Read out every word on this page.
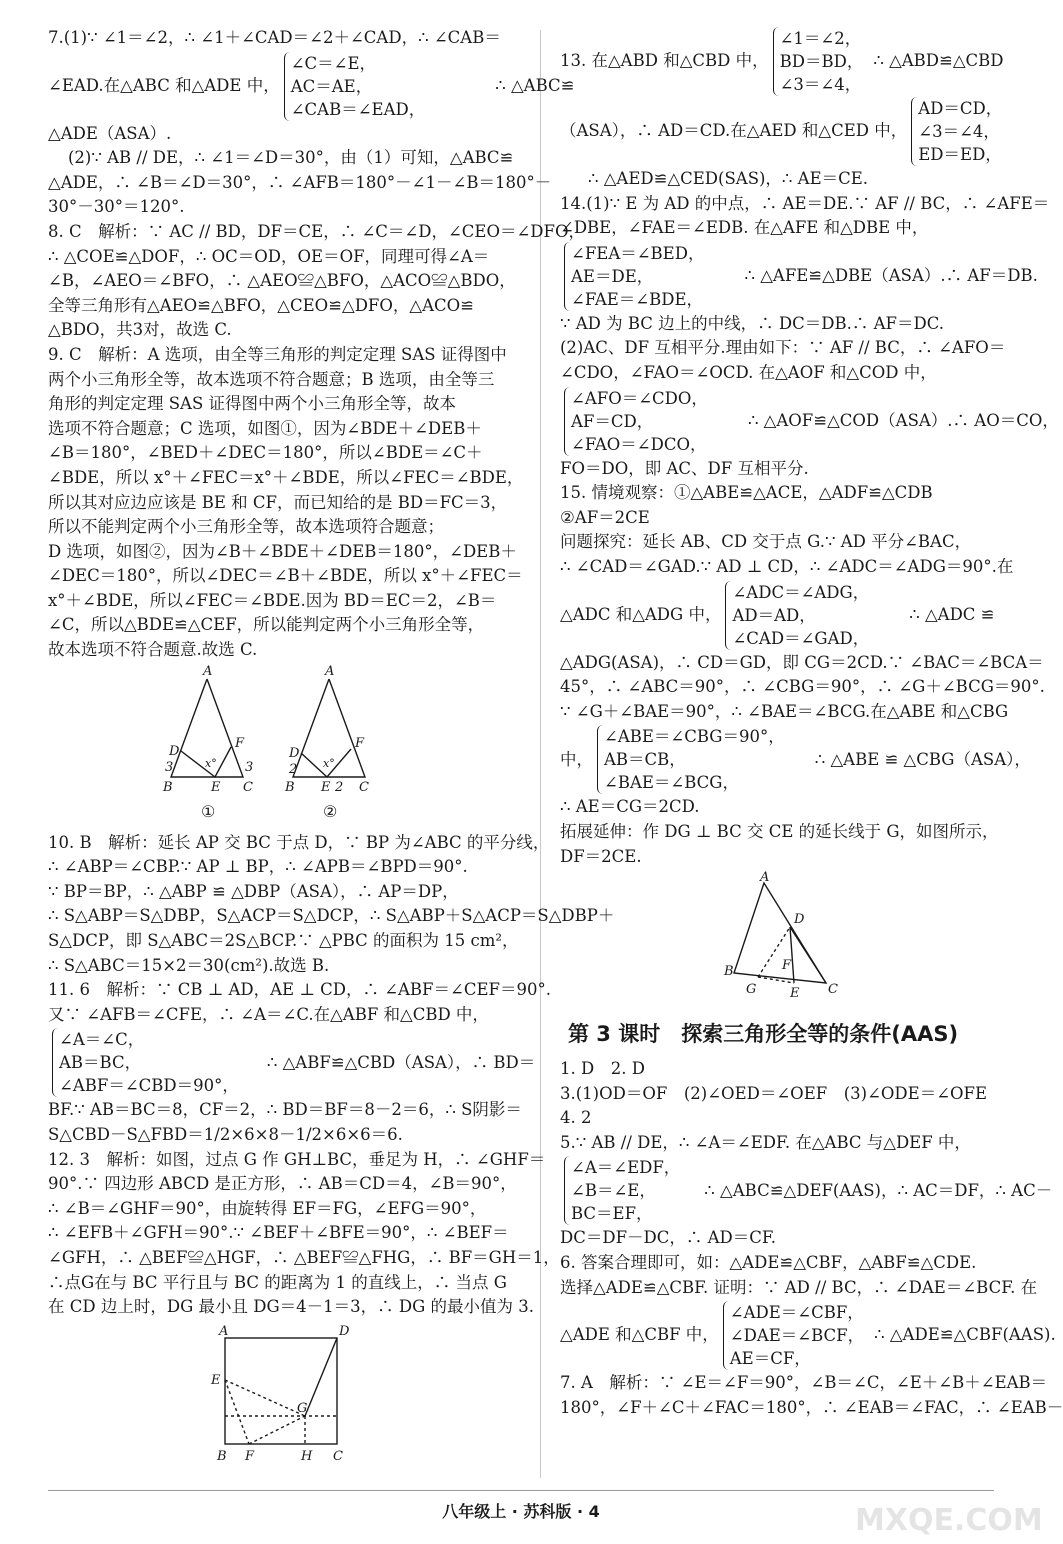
7.(1)∵ ∠1＝∠2，∴ ∠1＋∠CAD＝∠2＋∠CAD，∴ ∠CAB＝
∠EAD.在△ABC 和△ADE 中，
∠C＝∠E，
AC＝AE，
∠CAB＝∠EAD，
∴ △ABC≌
△ADE（ASA）.
(2)∵ AB // DE，∴ ∠1＝∠D＝30°，由（1）可知，△ABC≌
△ADE，∴ ∠B＝∠D＝30°，∴ ∠AFB＝180°－∠1－∠B＝180°－
30°－30°＝120°.
8. C　解析：∵ AC // BD，DF＝CE，∴ ∠C＝∠D，∠CEO＝∠DFO，
∴ △COE≌△DOF，∴ OC＝OD，OE＝OF，同理可得∠A＝
∠B，∠AEO＝∠BFO，∴ △AEO≌△BFO，△ACO≌△BDO，
全等三角形有△AEO≌△BFO，△CEO≌△DFO，△ACO≌
△BDO，共3对，故选 C.
9. C　解析：A 选项，由全等三角形的判定定理 SAS 证得图中
两个小三角形全等，故本选项不符合题意；B 选项，由全等三
角形的判定定理 SAS 证得图中两个小三角形全等，故本
选项不符合题意；C 选项，如图①，因为∠BDE＋∠DEB＋
∠B＝180°，∠BED＋∠DEC＝180°，所以∠BDE＝∠C＋
∠BDE，所以 x°＋∠FEC＝x°＋∠BDE，所以∠FEC＝∠BDE，
所以其对应边应该是 BE 和 CF，而已知给的是 BD＝FC＝3，
所以不能判定两个小三角形全等，故本选项符合题意；
D 选项，如图②，因为∠B＋∠BDE＋∠DEB＝180°，∠DEB＋
∠DEC＝180°，所以∠DEC＝∠B＋∠BDE，所以 x°＋∠FEC＝
x°＋∠BDE，所以∠FEC＝∠BDE.因为 BD＝EC＝2，∠B＝
∠C，所以△BDE≌△CEF，所以能判定两个小三角形全等，
故本选项不符合题意.故选 C.
A
D
F
B	E C
x°
3	3
①
A
D
F
B E C
x°
2
2
②
10. B　解析：延长 AP 交 BC 于点 D，∵ BP 为∠ABC 的平分线，
∴ ∠ABP＝∠CBP.∵ AP ⊥ BP，∴ ∠APB＝∠BPD＝90°.
∵ BP＝BP，∴ △ABP ≌ △DBP（ASA），∴ AP＝DP，
∴ S△ABP＝S△DBP，S△ACP＝S△DCP，∴ S△ABP＋S△ACP＝S△DBP＋
S△DCP，即 S△ABC＝2S△BCP.∵ △PBC 的面积为 15 cm²，
∴ S△ABC＝15×2＝30(cm²).故选 B.
11. 6　解析：∵ CB ⊥ AD，AE ⊥ CD，∴ ∠ABF＝∠CEF＝90°.
又∵ ∠AFB＝∠CFE，∴ ∠A＝∠C.在△ABF 和△CBD 中，
∠A＝∠C，
AB＝BC，
∠ABF＝∠CBD＝90°，
∴ △ABF≌△CBD（ASA），∴ BD＝
BF.∵ AB＝BC＝8，CF＝2，∴ BD＝BF＝8－2＝6，∴ S阴影＝
S△CBD－S△FBD＝1/2×6×8－1/2×6×6＝6.
12. 3　解析：如图，过点 G 作 GH⊥BC，垂足为 H，∴ ∠GHF＝
90°.∵ 四边形 ABCD 是正方形，∴ AB＝CD＝4，∠B＝90°，
∴ ∠B＝∠GHF＝90°，由旋转得 EF＝FG，∠EFG＝90°，
∴ ∠EFB＋∠GFH＝90°.∵ ∠BEF＋∠BFE＝90°，∴ ∠BEF＝
∠GFH，∴ △BEF≌△HGF，∴ △BEF≌△FHG，∴ BF＝GH＝1，
∴点G在与 BC 平行且与 BC 的距离为 1 的直线上，∴ 当点 G
在 CD 边上时，DG 最小且 DG＝4－1＝3，∴ DG 的最小值为 3.
A	D
E
G
B F	H C
13. 在△ABD 和△CBD 中，
∠1＝∠2，
BD＝BD，
∠3＝∠4，
∴ △ABD≌△CBD
（ASA），∴ AD＝CD.在△AED 和△CED 中，
AD＝CD，
∠3＝∠4，
ED＝ED，
∴ △AED≌△CED(SAS)，∴ AE＝CE.
14.(1)∵ E 为 AD 的中点，∴ AE＝DE.∵ AF // BC，∴ ∠AFE＝
∠DBE，∠FAE＝∠EDB. 在△AFE 和△DBE 中，
∠FEA＝∠BED，
AE＝DE，
∠FAE＝∠BDE，
∴ △AFE≌△DBE（ASA）.∴ AF＝DB.
∵ AD 为 BC 边上的中线，∴ DC＝DB.∴ AF＝DC.
(2)AC、DF 互相平分.理由如下：∵ AF // BC，∴ ∠AFO＝
∠CDO，∠FAO＝∠OCD. 在△AOF 和△COD 中，
∠AFO＝∠CDO，
AF＝CD，
∠FAO＝∠DCO，
∴ △AOF≌△COD（ASA）.∴ AO＝CO，
FO＝DO，即 AC、DF 互相平分.
15. 情境观察：①△ABE≌△ACE，△ADF≌△CDB
②AF＝2CE
问题探究：延长 AB、CD 交于点 G.∵ AD 平分∠BAC，
∴ ∠CAD＝∠GAD.∵ AD ⊥ CD，∴ ∠ADC＝∠ADG＝90°.在
△ADC 和△ADG 中，
∠ADC＝∠ADG，
AD＝AD，
∠CAD＝∠GAD，
∴ △ADC ≌
△ADG(ASA)，∴ CD＝GD，即 CG＝2CD.∵ ∠BAC＝∠BCA＝
45°，∴ ∠ABC＝90°，∴ ∠CBG＝90°，∴ ∠G＋∠BCG＝90°.
∵ ∠G＋∠BAE＝90°，∴ ∠BAE＝∠BCG.在△ABE 和△CBG
中，
∠ABE＝∠CBG＝90°，
AB＝CB，
∠BAE＝∠BCG，
∴ △ABE ≌ △CBG（ASA），
∴ AE＝CG＝2CD.
拓展延伸：作 DG ⊥ BC 交 CE 的延长线于 G，如图所示，
DF＝2CE.
A
D
B	F
G	E C
第 3 课时　探索三角形全等的条件(AAS)
1. D　2. D
3.(1)OD＝OF　(2)∠OED＝∠OEF　(3)∠ODE＝∠OFE
4. 2
5.∵ AB // DE，∴ ∠A＝∠EDF. 在△ABC 与△DEF 中，
∠A＝∠EDF，
∠B＝∠E，
BC＝EF，
∴ △ABC≌△DEF(AAS)，∴ AC＝DF，∴ AC－
DC＝DF－DC，∴ AD＝CF.
6. 答案合理即可，如：△ADE≌△CBF，△ABF≌△CDE.
选择△ADE≌△CBF. 证明：∵ AD // BC，∴ ∠DAE＝∠BCF. 在
△ADE 和△CBF 中，
∠ADE＝∠CBF，
∠DAE＝∠BCF，
AE＝CF，
∴ △ADE≌△CBF(AAS).
7. A　解析：∵ ∠E＝∠F＝90°，∠B＝∠C，∠E＋∠B＋∠EAB＝
180°，∠F＋∠C＋∠FAC＝180°，∴ ∠EAB＝∠FAC，∴ ∠EAB－
八年级上 · 苏科版 · 4	MXQE.COM
